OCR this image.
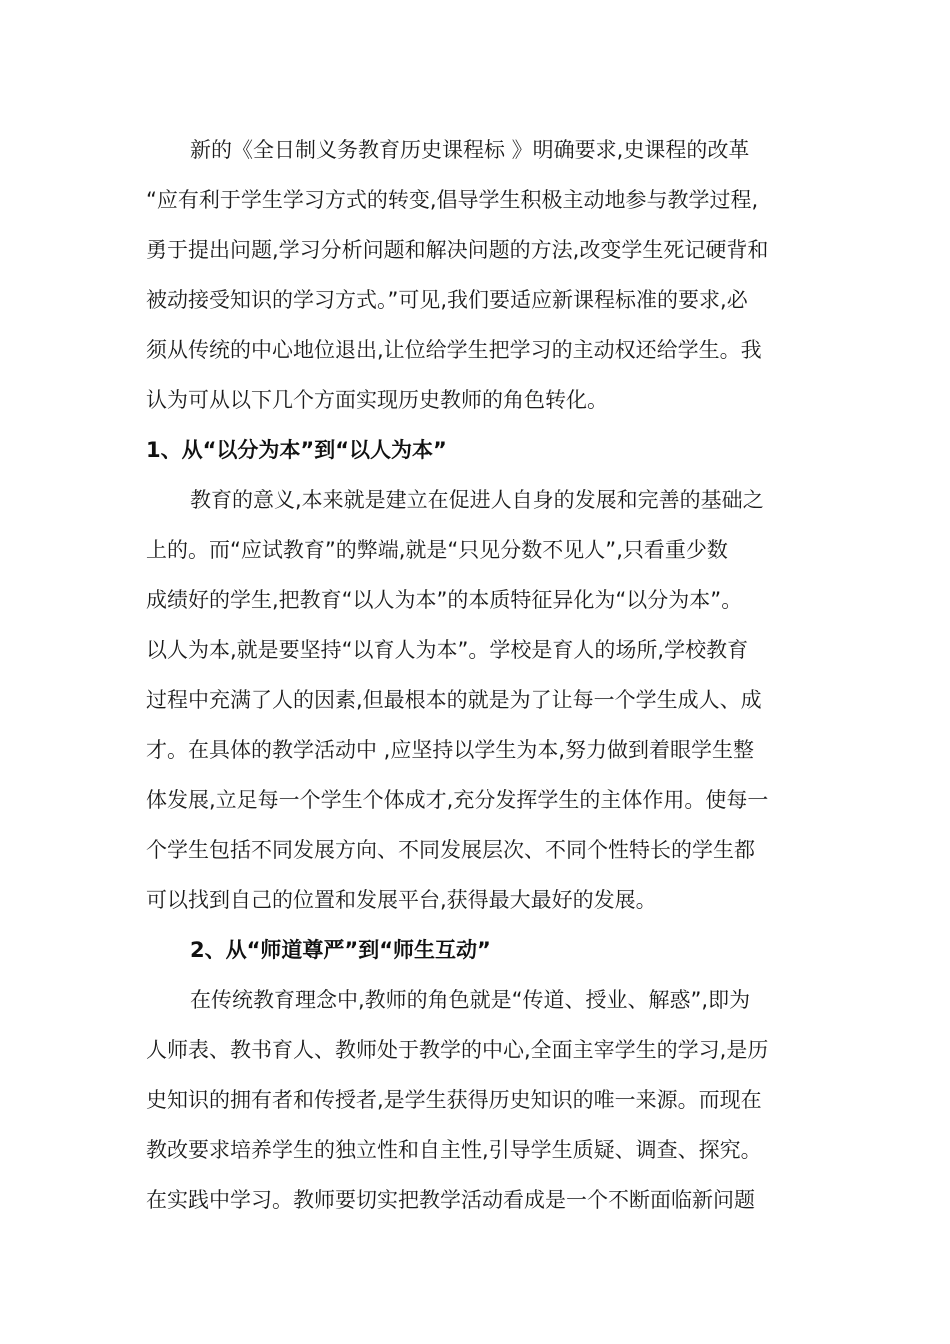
新的《全日制义务教育历史课程标 》明确要求,史课程的改革
“应有利于学生学习方式的转变,倡导学生积极主动地参与教学过程,
勇于提出问题,学习分析问题和解决问题的方法,改变学生死记硬背和
被动接受知识的学习方式。”可见,我们要适应新课程标准的要求,必
须从传统的中心地位退出,让位给学生把学习的主动权还给学生。我
认为可从以下几个方面实现历史教师的角色转化。
1、从“以分为本”到“以人为本”
教育的意义,本来就是建立在促进人自身的发展和完善的基础之
上的。而“应试教育”的弊端,就是“只见分数不见人”,只看重少数
成绩好的学生,把教育“以人为本”的本质特征异化为“以分为本”。
以人为本,就是要坚持“以育人为本”。学校是育人的场所,学校教育
过程中充满了人的因素,但最根本的就是为了让每一个学生成人、成
才。在具体的教学活动中 ,应坚持以学生为本,努力做到着眼学生整
体发展,立足每一个学生个体成才,充分发挥学生的主体作用。使每一
个学生包括不同发展方向、不同发展层次、不同个性特长的学生都
可以找到自己的位置和发展平台,获得最大最好的发展。
2、从“师道尊严”到“师生互动”
在传统教育理念中,教师的角色就是“传道、授业、解惑”,即为
人师表、教书育人、教师处于教学的中心,全面主宰学生的学习,是历
史知识的拥有者和传授者,是学生获得历史知识的唯一来源。而现在
教改要求培养学生的独立性和自主性,引导学生质疑、调查、探究。
在实践中学习。教师要切实把教学活动看成是一个不断面临新问题
